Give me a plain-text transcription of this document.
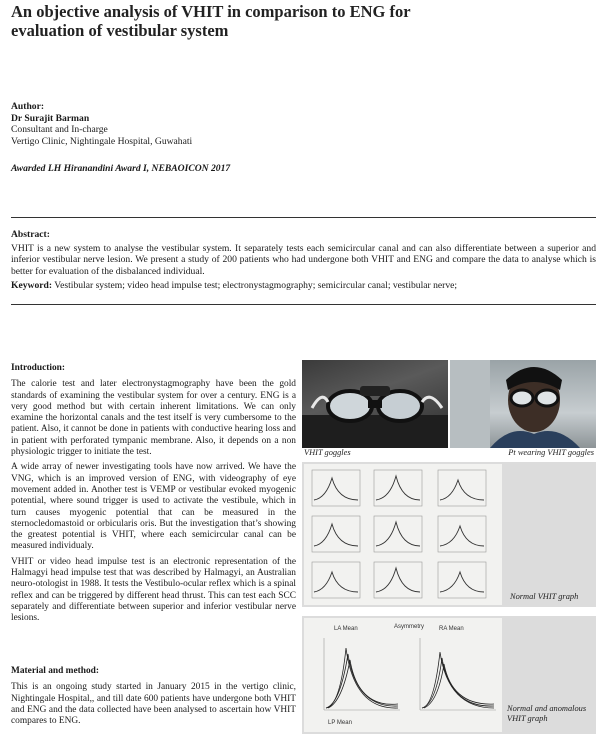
An objective analysis of VHIT in comparison to ENG for evaluation of vestibular system
Author:
Dr Surajit Barman
Consultant and In-charge
Vertigo Clinic, Nightingale Hospital, Guwahati
Awarded LH Hiranandini Award I, NEBAOICON 2017
Abstract:

VHIT is a new system to analyse the vestibular system. It separately tests each semicircular canal and can also differentiate between a superior and inferior vestibular nerve lesion. We present a study of 200 patients who had undergone both VHIT and ENG and compare the data to analyse which is better for evaluation of the disbalanced individual.

Keyword: Vestibular system; video head impulse test; electronystagmography; semicircular canal; vestibular nerve;
Introduction:

The calorie test and later electronystagmography have been the gold standards of examining the vestibular system for over a century. ENG is a very good method but with certain inherent limitations. We can only examine the horizontal canals and the test itself is very cumbersome to the patient. Also, it cannot be done in patients with conductive hearing loss and in patient with perforated tympanic membrane. Also, it depends on a non physiologic trigger to initiate the test.

A wide array of newer investigating tools have now arrived. We have the VNG, which is an improved version of ENG, with videography of eye movement added in. Another test is VEMP or vestibular evoked myogenic potential, where sound trigger is used to activate the vestibule, which in turn causes myogenic potential that can be measured in the sternocledomastoid or orbicularis oris. But the investigation that’s showing the greatest potential is VHIT, where each semicircular canal can be measured individualy.

VHIT or video head impulse test is an electronic representation of the Halmagyi head impulse test that was described by Halmagyi, an Australian neuro-otologist in 1988. It tests the Vestibulo-ocular reflex which is a spinal reflex and can be triggered by different head thrust. This can test each SCC separately and differentiate between superior and inferior vestibular nerve lesions.

Material and method:

This is an ongoing study started in January 2015 in the vertigo clinic, Nightingale Hospital,, and till date 600 patients have undergone both VHIT and ENG and the data collected have been analysed to ascertain how VHIT compares to ENG.

VHIT goggles	Pt wearing VHIT goggles
Normal VHIT graph
LA Mean	Asymmetry	RA Mean
LP Mean
Normal and anomalous VHIT graph
